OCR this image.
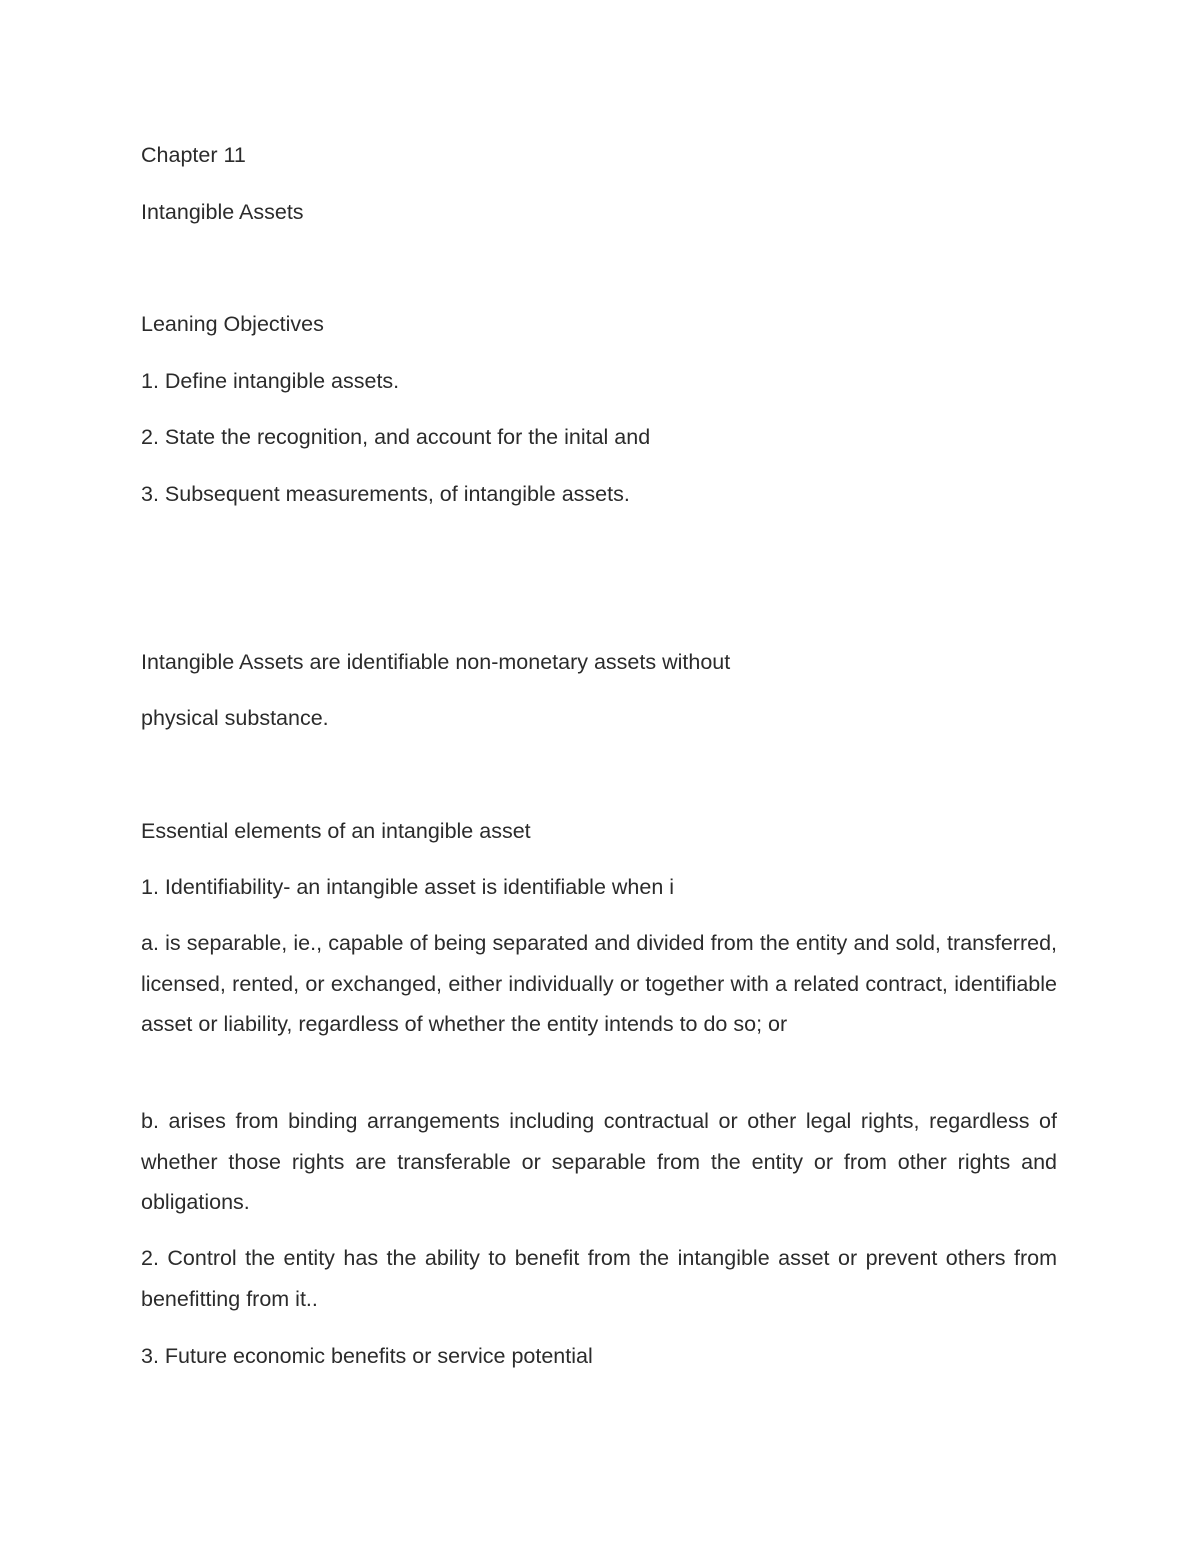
Chapter 11

Intangible Assets

Leaning Objectives

1. Define intangible assets.

2. State the recognition, and account for the inital and

3. Subsequent measurements, of intangible assets.

Intangible Assets are identifiable non-monetary assets without

physical substance.

Essential elements of an intangible asset

1. Identifiability- an intangible asset is identifiable when i

a. is separable, ie., capable of being separated and divided from the entity and sold, transferred, licensed, rented, or exchanged, either individually or together with a related contract, identifiable asset or liability, regardless of whether the entity intends to do so; or

b. arises from binding arrangements including contractual or other legal rights, regardless of whether those rights are transferable or separable from the entity or from other rights and obligations.

2. Control the entity has the ability to benefit from the intangible asset or prevent others from benefitting from it..

3. Future economic benefits or service potential
